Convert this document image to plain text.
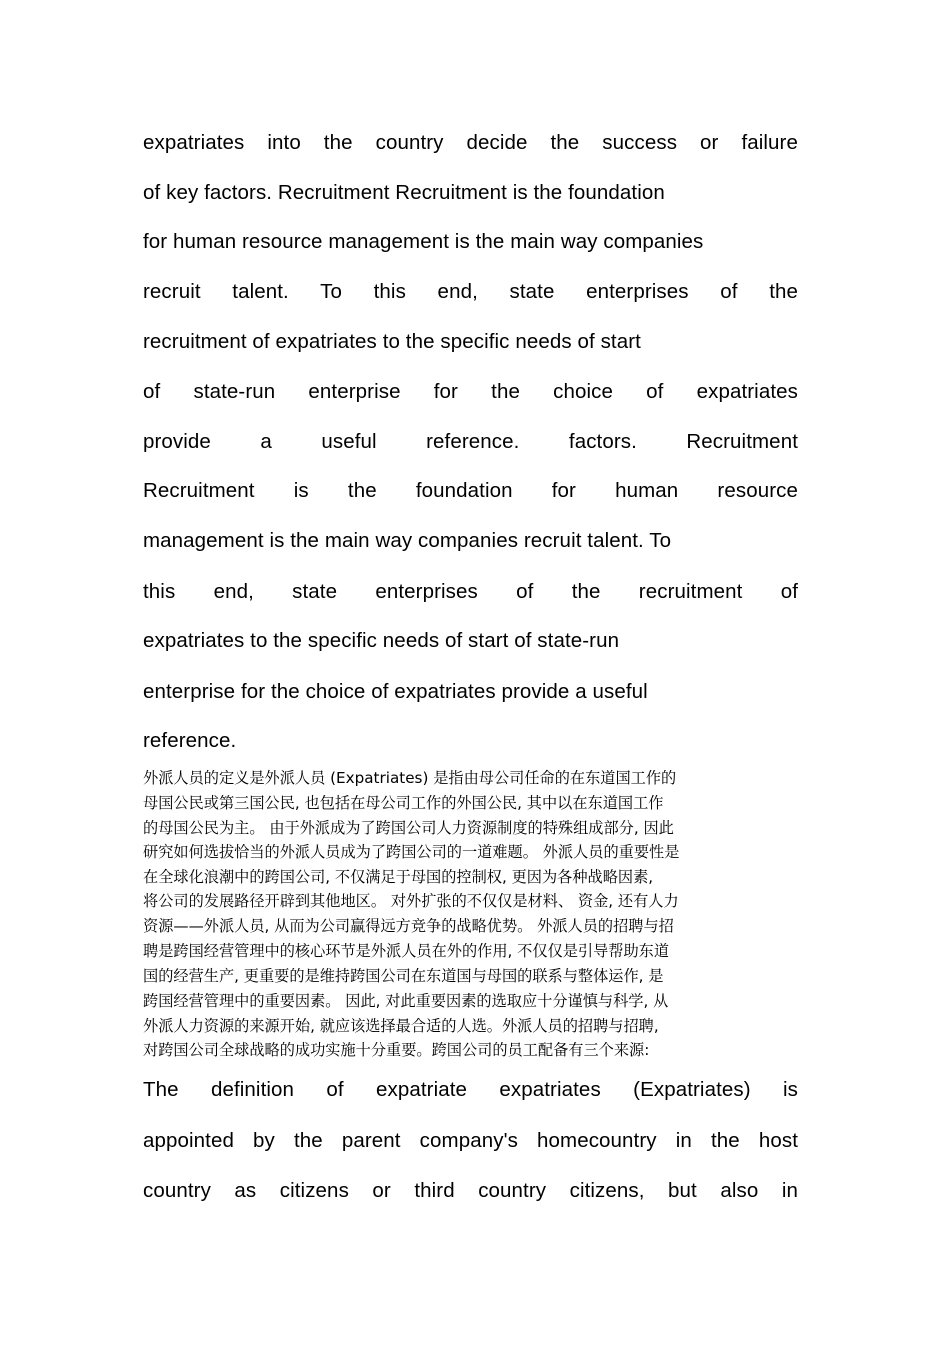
expatriates into the country decide the success or failure
of key factors. Recruitment Recruitment is the foundation
for human resource management is the main way companies
recruit talent. To this end, state enterprises of the
recruitment of expatriates to the specific needs of start
of state-run enterprise for the choice of expatriates
provide a useful reference. factors. Recruitment
Recruitment is the foundation for human resource
management is the main way companies recruit talent. To
this end, state enterprises of the recruitment of
expatriates to the specific needs of start of state-run
enterprise for the choice of expatriates provide a useful
reference.
外派人员的定义是外派人员 (Expatriates) 是指由母公司任命的在东道国工作的
母国公民或第三国公民, 也包括在母公司工作的外国公民, 其中以在东道国工作
的母国公民为主。 由于外派成为了跨国公司人力资源制度的特殊组成部分, 因此
研究如何选拔恰当的外派人员成为了跨国公司的一道难题。 外派人员的重要性是
在全球化浪潮中的跨国公司, 不仅满足于母国的控制权, 更因为各种战略因素,
将公司的发展路径开辟到其他地区。 对外扩张的不仅仅是材料、 资金, 还有人力
资源——外派人员, 从而为公司赢得远方竞争的战略优势。 外派人员的招聘与招
聘是跨国经营管理中的核心环节是外派人员在外的作用, 不仅仅是引导帮助东道
国的经营生产, 更重要的是维持跨国公司在东道国与母国的联系与整体运作, 是
跨国经营管理中的重要因素。 因此, 对此重要因素的选取应十分谨慎与科学, 从
外派人力资源的来源开始, 就应该选择最合适的人选。外派人员的招聘与招聘,
对跨国公司全球战略的成功实施十分重要。跨国公司的员工配备有三个来源:
The definition of expatriate expatriates (Expatriates) is
appointed by the parent company's homecountry in the host
country as citizens or third country citizens, but also in
